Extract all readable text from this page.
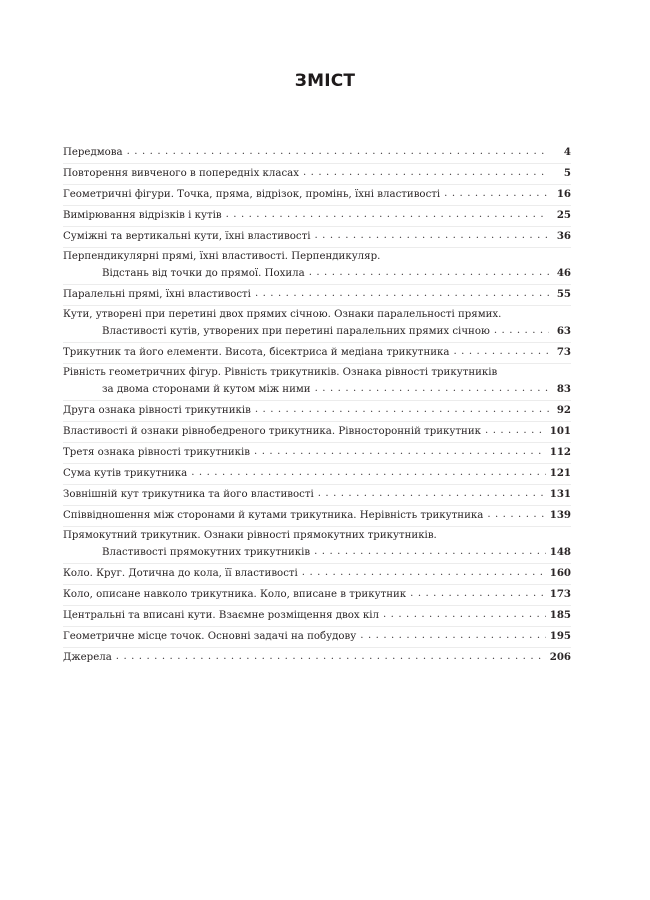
ЗМІСТ
Передмова . . .	4
Повторення вивченого в попередніх класах . . .	5
Геометричні фігури. Точка, пряма, відрізок, промінь, їхні властивості . . .	16
Вимірювання відрізків і кутів . . .	25
Суміжні та вертикальні кути, їхні властивості . . .	36
Перпендикулярні прямі, їхні властивості. Перпендикуляр.
Відстань від точки до прямої. Похила . . .	46
Паралельні прямі, їхні властивості . . .	55
Кути, утворені при перетині двох прямих січною. Ознаки паралельності прямих.
Властивості кутів, утворених при перетині паралельних прямих січною . . .	63
Трикутник та його елементи. Висота, бісектриса й медіана трикутника . . .	73
Рівність геометричних фігур. Рівність трикутників. Ознака рівності трикутників
за двома сторонами й кутом між ними . . .	83
Друга ознака рівності трикутників . . .	92
Властивості й ознаки рівнобедреного трикутника. Рівносторонній трикутник . . .	101
Третя ознака рівності трикутників . . .	112
Сума кутів трикутника . . .	121
Зовнішній кут трикутника та його властивості . . .	131
Співвідношення між сторонами й кутами трикутника. Нерівність трикутника . . .	139
Прямокутний трикутник. Ознаки рівності прямокутних трикутників.
Властивості прямокутних трикутників . . .	148
Коло. Круг. Дотична до кола, її властивості . . .	160
Коло, описане навколо трикутника. Коло, вписане в трикутник . . .	173
Центральні та вписані кути. Взаємне розміщення двох кіл . . .	185
Геометричне місце точок. Основні задачі на побудову . . .	195
Джерела . . .	206
